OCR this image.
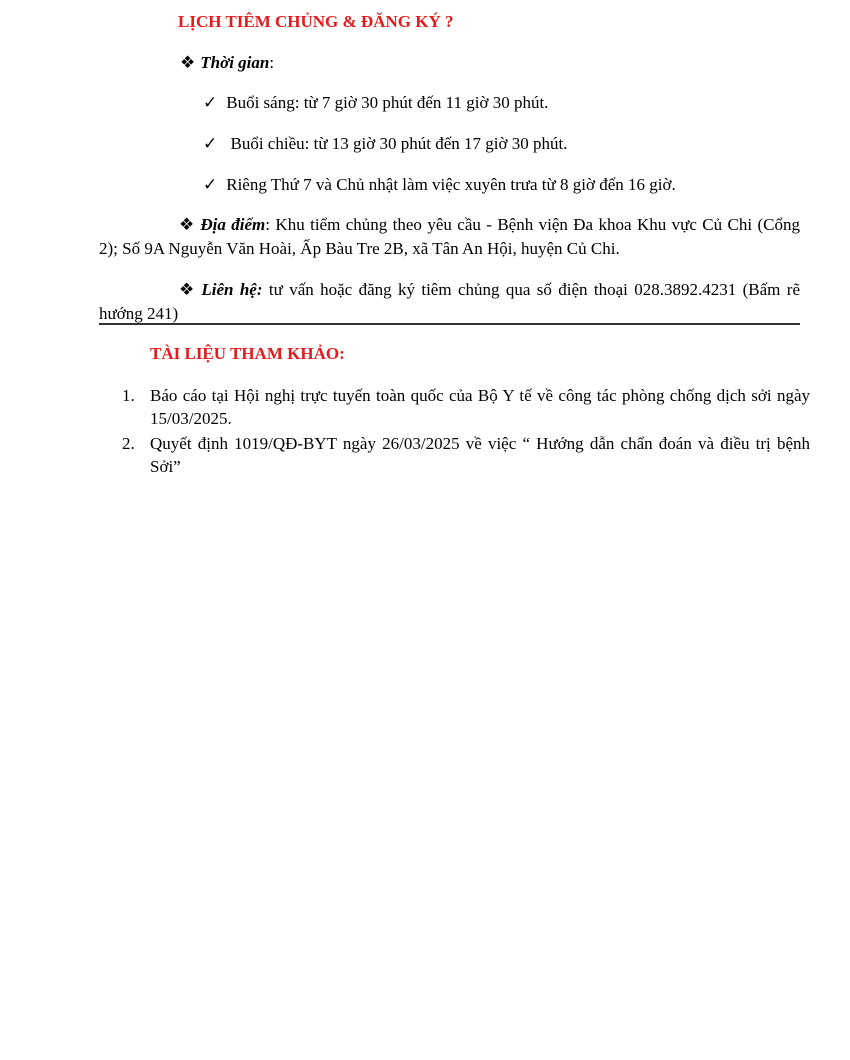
LỊCH TIÊM CHỦNG & ĐĂNG KÝ ?
❖ Thời gian:
✓ Buổi sáng: từ 7 giờ 30 phút đến 11 giờ 30 phút.
✓ Buổi chiều: từ 13 giờ 30 phút đến 17 giờ 30 phút.
✓ Riêng Thứ 7 và Chủ nhật làm việc xuyên trưa từ 8 giờ đến 16 giờ.
❖ Địa điểm: Khu tiểm chủng theo yêu cầu - Bệnh viện Đa khoa Khu vực Củ Chi (Cổng 2); Số 9A Nguyễn Văn Hoài, Ấp Bàu Tre 2B, xã Tân An Hội, huyện Củ Chi.
❖ Liên hệ: tư vấn hoặc đăng ký tiêm chủng qua số điện thoại 028.3892.4231 (Bấm rẽ hướng 241)
TÀI LIỆU THAM KHẢO:
1. Báo cáo tại Hội nghị trực tuyến toàn quốc của Bộ Y tế về công tác phòng chống dịch sởi ngày 15/03/2025.
2. Quyết định 1019/QĐ-BYT ngày 26/03/2025 về việc “ Hướng dẫn chẩn đoán và điều trị bệnh Sởi”
